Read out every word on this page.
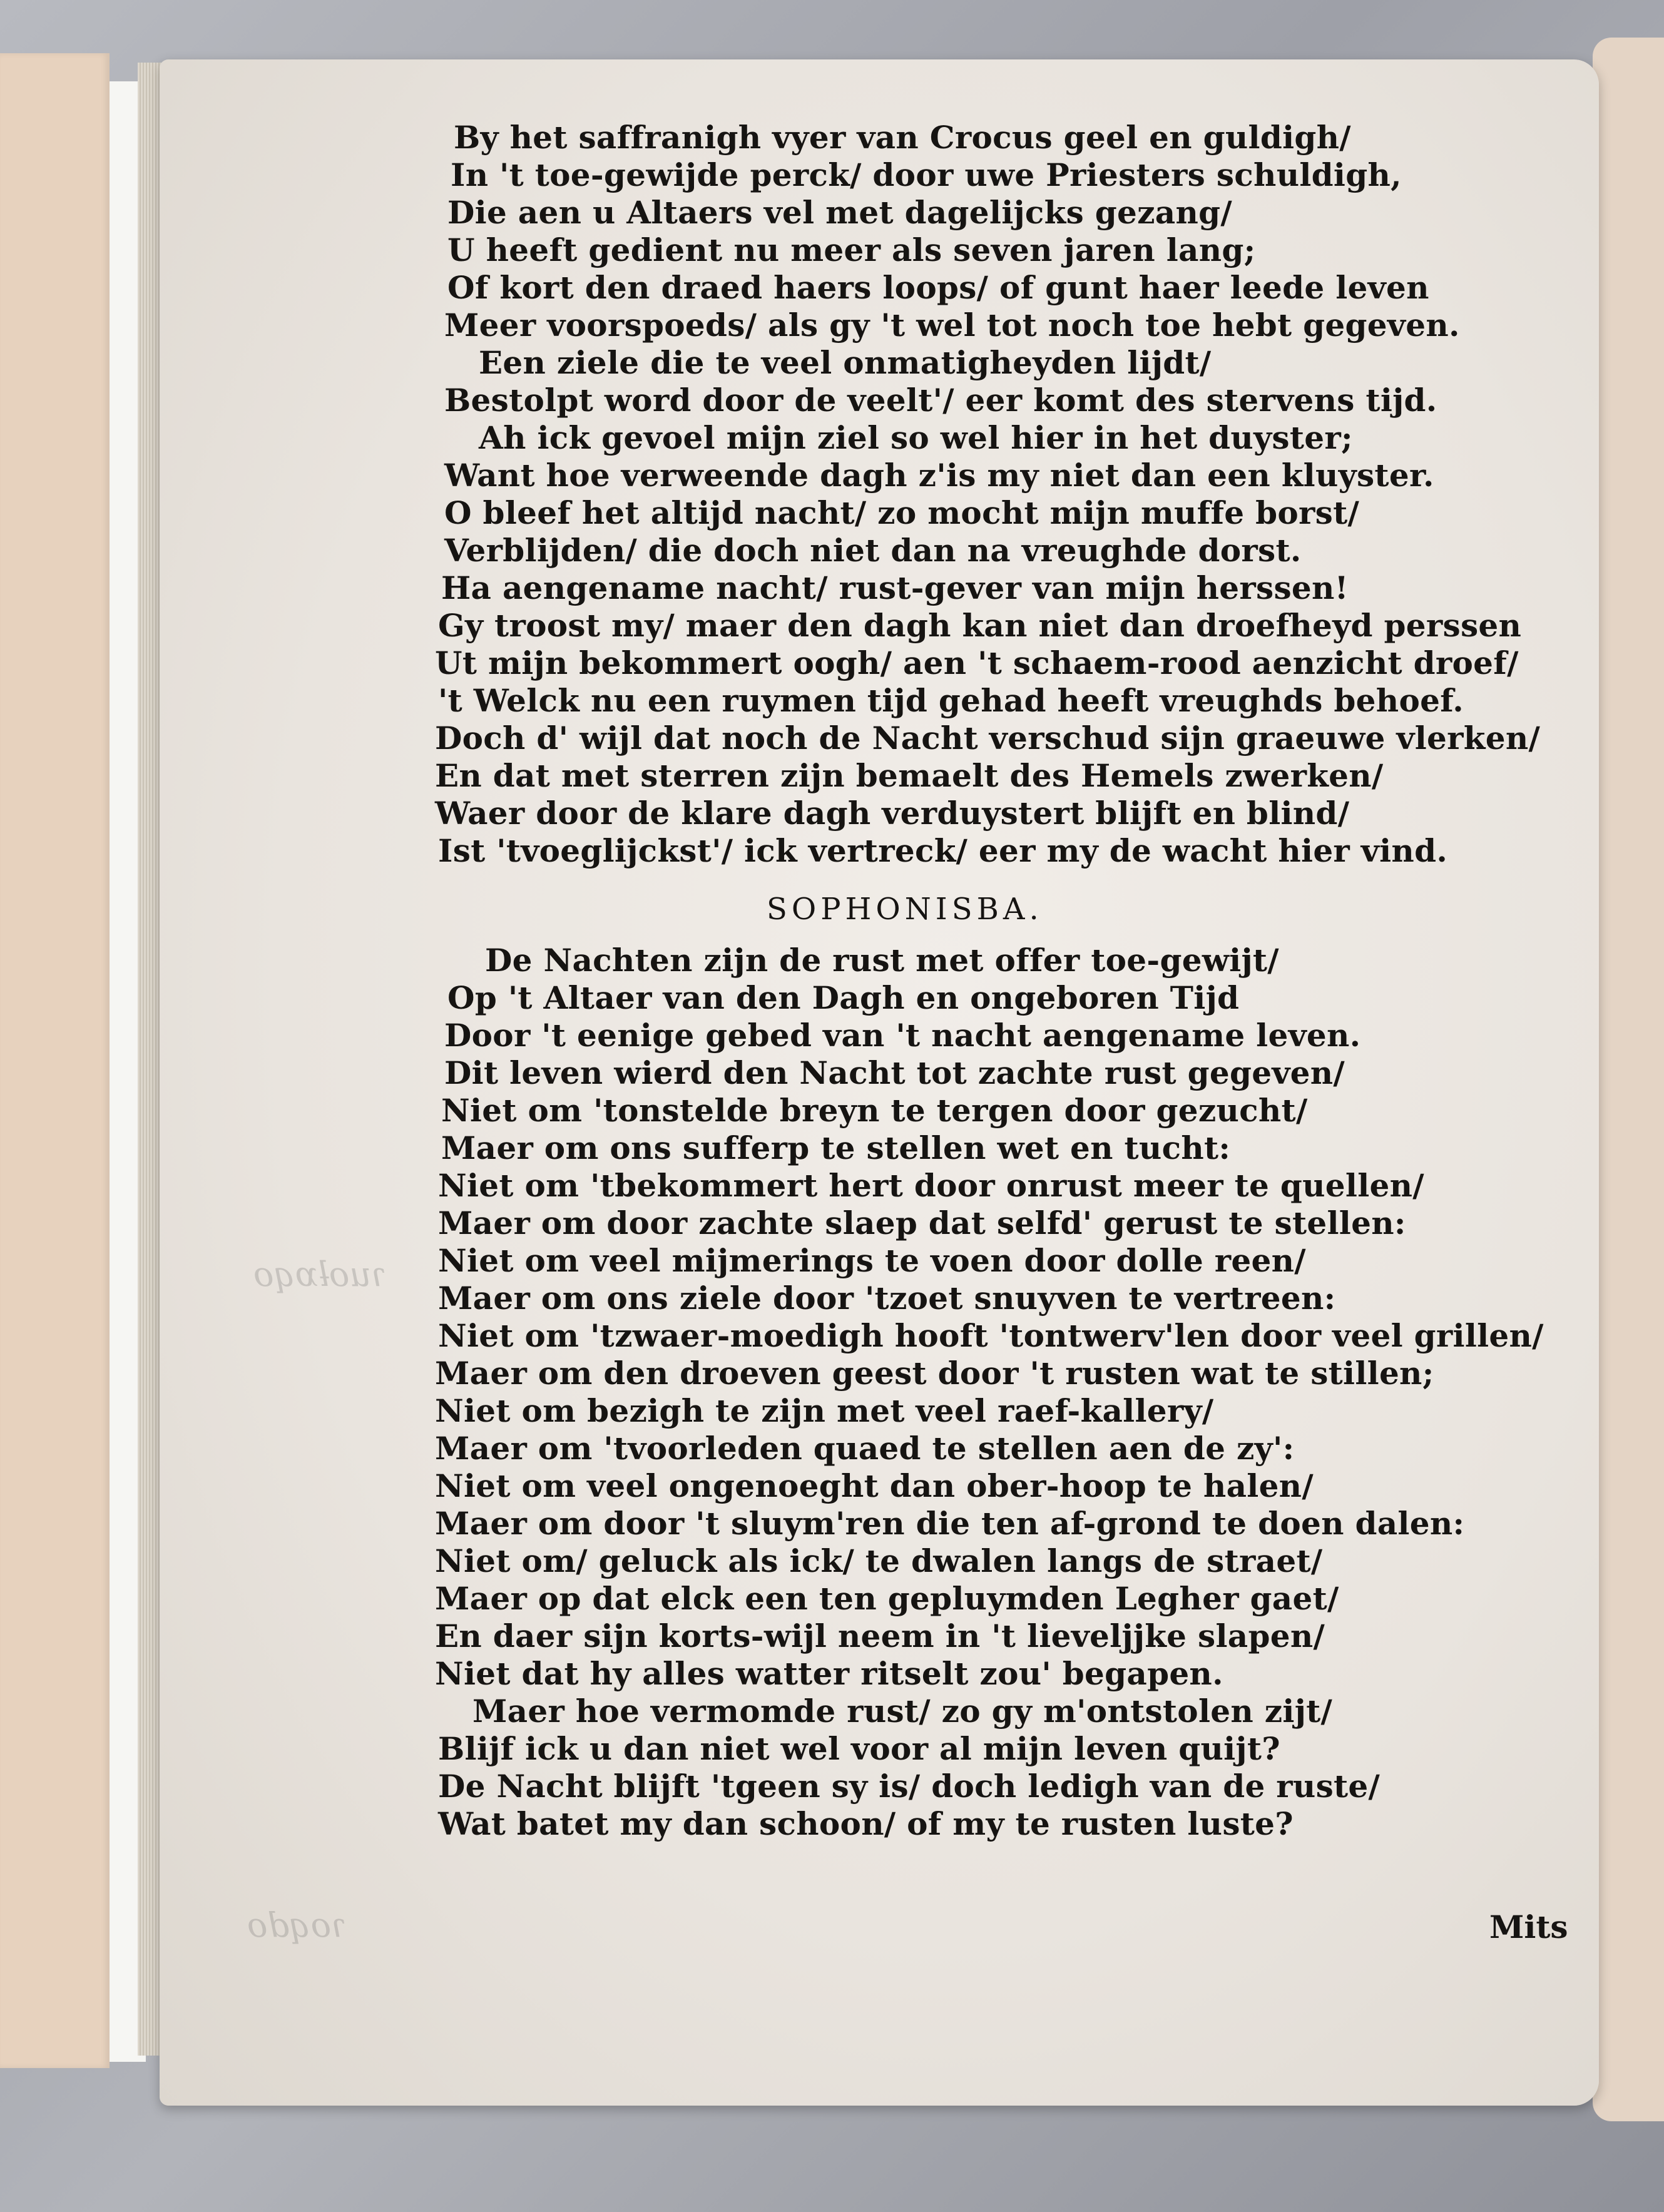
ɿuoƚɒqo
ɿoqdo
By het saffranigh vyer van Crocus geel en guldigh/
In 't toe-gewijde perck/ door uwe Priesters schuldigh,
Die aen u Altaers vel met dagelijcks gezang/
U heeft gedient nu meer als seven jaren lang;
Of kort den draed haers loops/ of gunt haer leede leven
Meer voorspoeds/ als gy 't wel tot noch toe hebt gegeven.
Een ziele die te veel onmatigheyden lijdt/
Bestolpt word door de veelt'/ eer komt des stervens tijd.
Ah ick gevoel mijn ziel so wel hier in het duyster;
Want hoe verweende dagh z'is my niet dan een kluyster.
O bleef het altijd nacht/ zo mocht mijn muffe borst/
Verblijden/ die doch niet dan na vreughde dorst.
Ha aengename nacht/ rust-gever van mijn herssen!
Gy troost my/ maer den dagh kan niet dan droefheyd perssen
Ut mijn bekommert oogh/ aen 't schaem-rood aenzicht droef/
't Welck nu een ruymen tijd gehad heeft vreughds behoef.
Doch d' wijl dat noch de Nacht verschud sijn graeuwe vlerken/
En dat met sterren zijn bemaelt des Hemels zwerken/
Waer door de klare dagh verduystert blijft en blind/
Ist 'tvoeglijckst'/ ick vertreck/ eer my de wacht hier vind.
SOPHONISBA.
De Nachten zijn de rust met offer toe-gewijt/
Op 't Altaer van den Dagh en ongeboren Tijd
Door 't eenige gebed van 't nacht aengename leven.
Dit leven wierd den Nacht tot zachte rust gegeven/
Niet om 'tonstelde breyn te tergen door gezucht/
Maer om ons sufferp te stellen wet en tucht:
Niet om 'tbekommert hert door onrust meer te quellen/
Maer om door zachte slaep dat selfd' gerust te stellen:
Niet om veel mijmerings te voen door dolle reen/
Maer om ons ziele door 'tzoet snuyven te vertreen:
Niet om 'tzwaer-moedigh hooft 'tontwerv'len door veel grillen/
Maer om den droeven geest door 't rusten wat te stillen;
Niet om bezigh te zijn met veel raef-kallery/
Maer om 'tvoorleden quaed te stellen aen de zy':
Niet om veel ongenoeght dan ober-hoop te halen/
Maer om door 't sluym'ren die ten af-grond te doen dalen:
Niet om/ geluck als ick/ te dwalen langs de straet/
Maer op dat elck een ten gepluymden Legher gaet/
En daer sijn korts-wijl neem in 't lieveljjke slapen/
Niet dat hy alles watter ritselt zou' begapen.
Maer hoe vermomde rust/ zo gy m'ontstolen zijt/
Blijf ick u dan niet wel voor al mijn leven quijt?
De Nacht blijft 'tgeen sy is/ doch ledigh van de ruste/
Wat batet my dan schoon/ of my te rusten luste?
Mits
